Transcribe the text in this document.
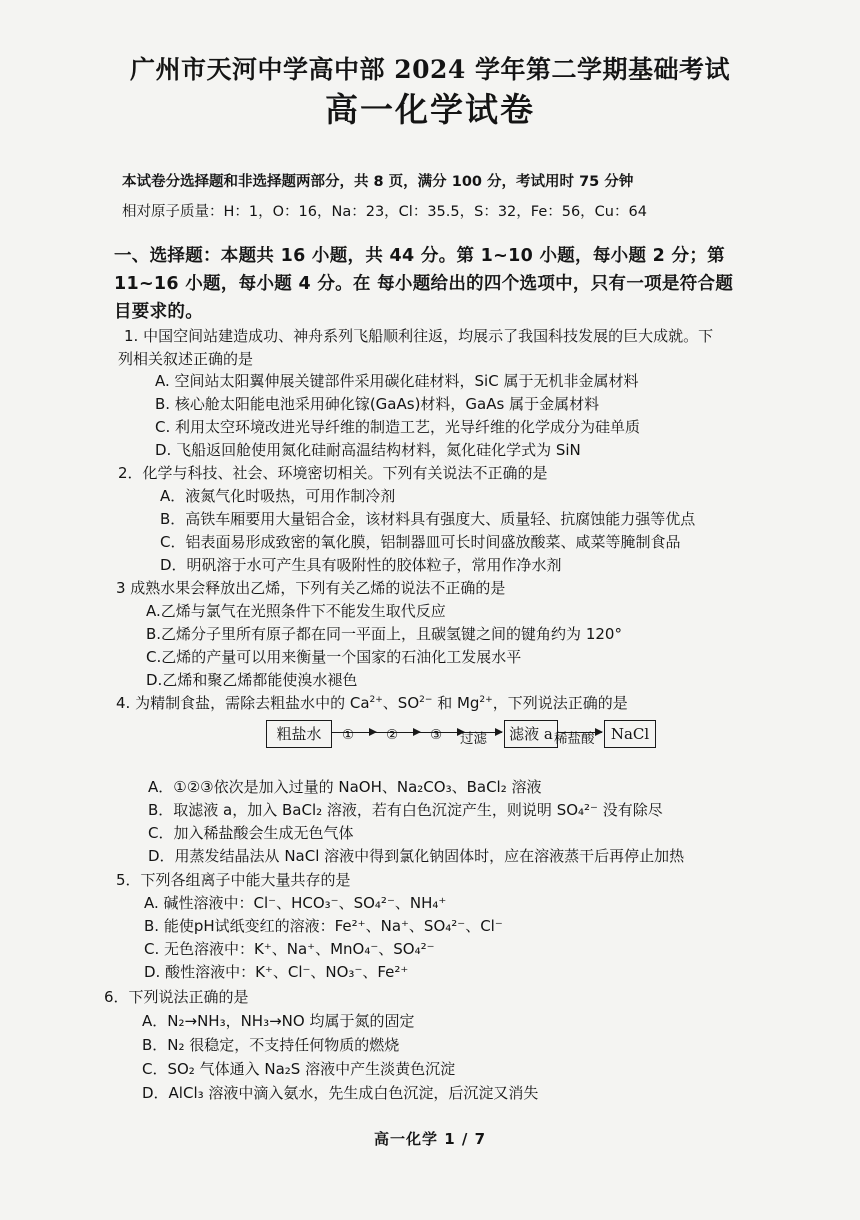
广州市天河中学高中部 2024 学年第二学期基础考试
高一化学试卷
本试卷分选择题和非选择题两部分，共 8 页，满分 100 分，考试用时 75 分钟
相对原子质量：H：1，O：16，Na：23，Cl：35.5，S：32，Fe：56，Cu：64
一、选择题：本题共 16 小题，共 44 分。第 1~10 小题，每小题 2 分；第
11~16 小题，每小题 4 分。在 每小题给出的四个选项中，只有一项是符合题
目要求的。
1. 中国空间站建造成功、神舟系列飞船顺利往返，均展示了我国科技发展的巨大成就。下
列相关叙述正确的是
A. 空间站太阳翼伸展关键部件采用碳化硅材料，SiC 属于无机非金属材料
B. 核心舱太阳能电池采用砷化镓(GaAs)材料，GaAs 属于金属材料
C. 利用太空环境改进光导纤维的制造工艺，光导纤维的化学成分为硅单质
D. 飞船返回舱使用氮化硅耐高温结构材料，氮化硅化学式为 SiN
2．化学与科技、社会、环境密切相关。下列有关说法不正确的是
A．液氮气化时吸热，可用作制冷剂
B．高铁车厢要用大量铝合金，该材料具有强度大、质量轻、抗腐蚀能力强等优点
C．铝表面易形成致密的氧化膜，铝制器皿可长时间盛放酸菜、咸菜等腌制食品
D．明矾溶于水可产生具有吸附性的胶体粒子，常用作净水剂
3 成熟水果会释放出乙烯，下列有关乙烯的说法不正确的是
A.乙烯与氯气在光照条件下不能发生取代反应
B.乙烯分子里所有原子都在同一平面上，且碳氢键之间的键角约为 120°
C.乙烯的产量可以用来衡量一个国家的石油化工发展水平
D.乙烯和聚乙烯都能使溴水褪色
4. 为精制食盐，需除去粗盐水中的 $Ca^{2+}$、$SO^{2-}$ 和 $Mg^{2+}$，下列说法正确的是
粗盐水	① ② ③ 过滤	滤液 a 稀盐酸	NaCl
A．①②③依次是加入过量的 NaOH、Na₂CO₃、BaCl₂ 溶液
B．取滤液 a，加入 BaCl₂ 溶液，若有白色沉淀产生，则说明 SO₄²⁻ 没有除尽
C．加入稀盐酸会生成无色气体
D．用蒸发结晶法从 NaCl 溶液中得到氯化钠固体时，应在溶液蒸干后再停止加热
5．下列各组离子中能大量共存的是
A. 碱性溶液中：Cl⁻、HCO₃⁻、SO₄²⁻、NH₄⁺
B. 能使pH试纸变红的溶液：Fe²⁺、Na⁺、SO₄²⁻、Cl⁻
C. 无色溶液中：K⁺、Na⁺、MnO₄⁻、SO₄²⁻
D. 酸性溶液中：K⁺、Cl⁻、NO₃⁻、Fe²⁺
6．下列说法正确的是
A．N₂→NH₃，NH₃→NO 均属于氮的固定
B．N₂ 很稳定，不支持任何物质的燃烧
C．SO₂ 气体通入 Na₂S 溶液中产生淡黄色沉淀
D．AlCl₃ 溶液中滴入氨水，先生成白色沉淀，后沉淀又消失
高一化学 1 / 7
